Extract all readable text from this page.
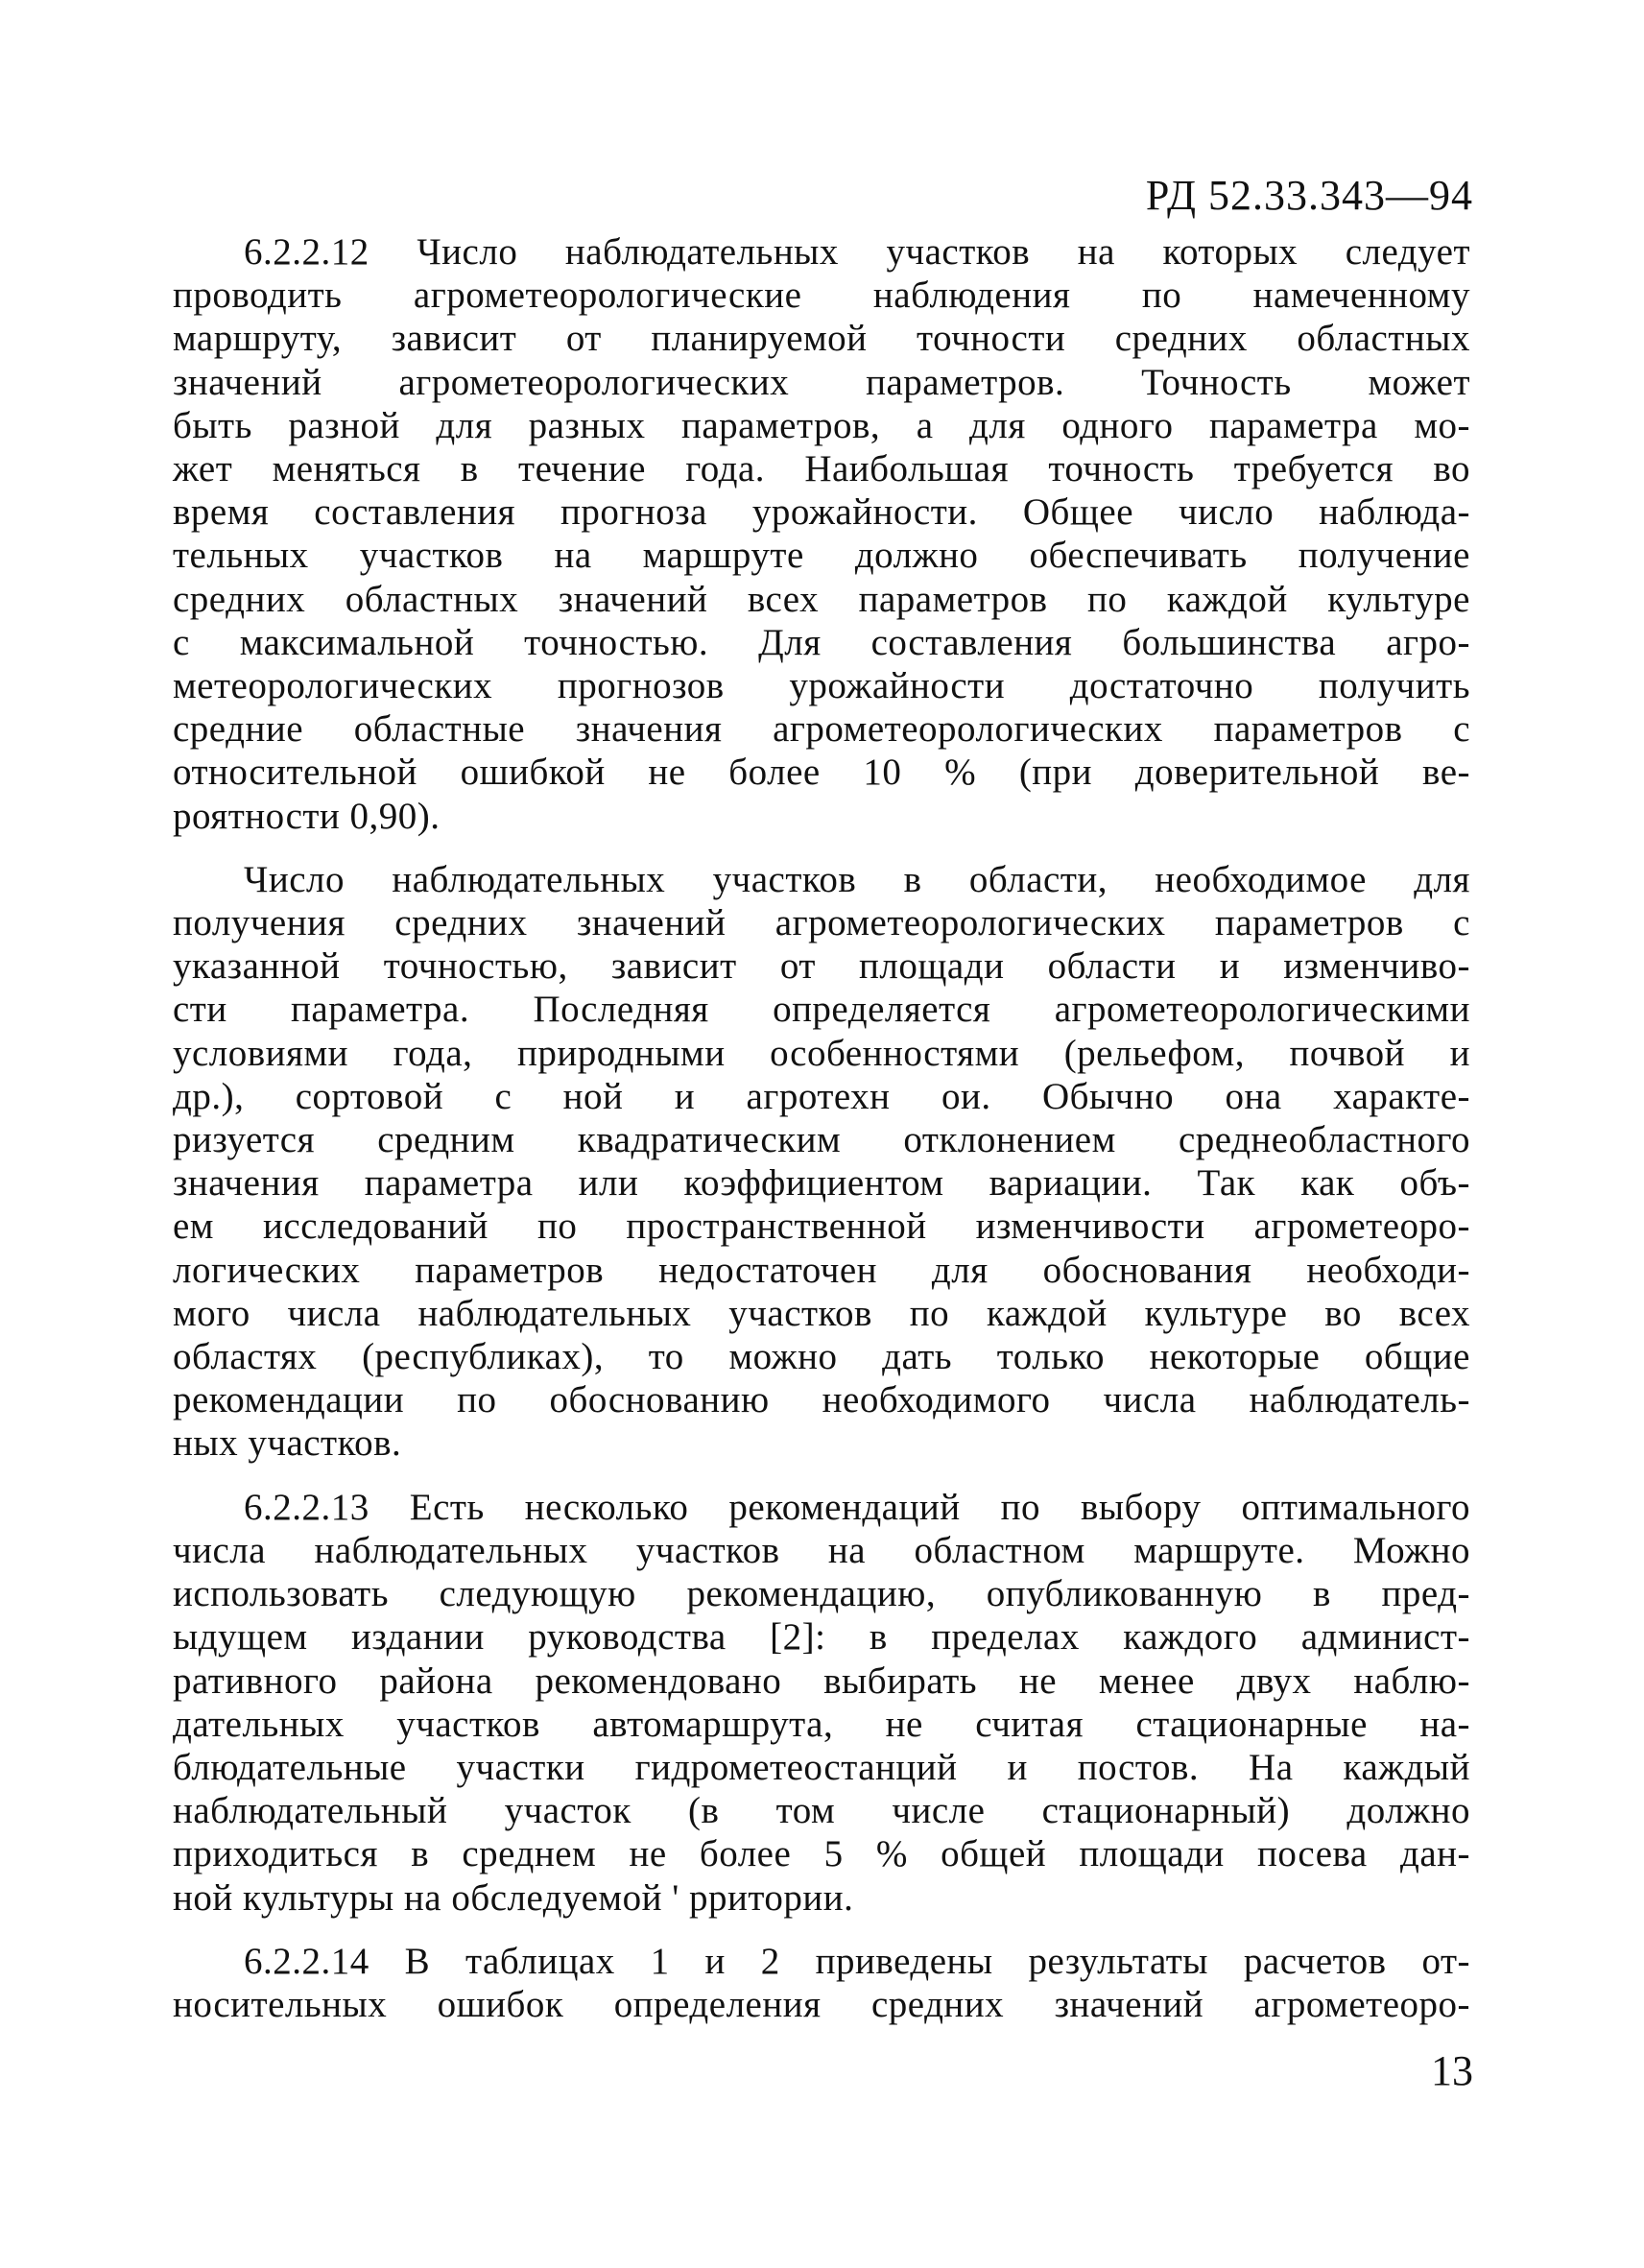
РД 52.33.343—94

6.2.2.12 Число наблюдательных участков на которых следует
проводить агрометеорологические наблюдения по намеченному
маршруту, зависит от планируемой точности средних областных
значений агрометеорологических параметров. Точность может
быть разной для разных параметров, а для одного параметра мо-
жет меняться в течение года. Наибольшая точность требуется во
время составления прогноза урожайности. Общее число наблюда-
тельных участков на маршруте должно обеспечивать получение
средних областных значений всех параметров по каждой культуре
с максимальной точностью. Для составления большинства агро-
метеорологических прогнозов урожайности достаточно получить
средние областные значения агрометеорологических параметров с
относительной ошибкой не более 10 % (при доверительной ве-
роятности 0,90).

Число наблюдательных участков в области, необходимое для
получения средних значений агрометеорологических параметров с
указанной точностью, зависит от площади области и изменчиво-
сти параметра. Последняя определяется агрометеорологическими
условиями года, природными особенностями (рельефом, почвой и
др.), сортовой с ной и агротехн ои. Обычно она характе-
ризуется средним квадратическим отклонением среднеобластного
значения параметра или коэффициентом вариации. Так как объ-
ем исследований по пространственной изменчивости агрометеоро-
логических параметров недостаточен для обоснования необходи-
мого числа наблюдательных участков по каждой культуре во всех
областях (республиках), то можно дать только некоторые общие
рекомендации по обоснованию необходимого числа наблюдатель-
ных участков.

6.2.2.13 Есть несколько рекомендаций по выбору оптимального
числа наблюдательных участков на областном маршруте. Можно
использовать следующую рекомендацию, опубликованную в пред-
ыдущем издании руководства [2]: в пределах каждого админист-
ративного района рекомендовано выбирать не менее двух наблю-
дательных участков автомаршрута, не считая стационарные на-
блюдательные участки гидрометеостанций и постов. На каждый
наблюдательный участок (в том числе стационарный) должно
приходиться в среднем не более 5 % общей площади посева дан-
ной культуры на обследуемой ' рритории.

6.2.2.14 В таблицах 1 и 2 приведены результаты расчетов от-
носительных ошибок определения средних значений агрометеоро-

13
